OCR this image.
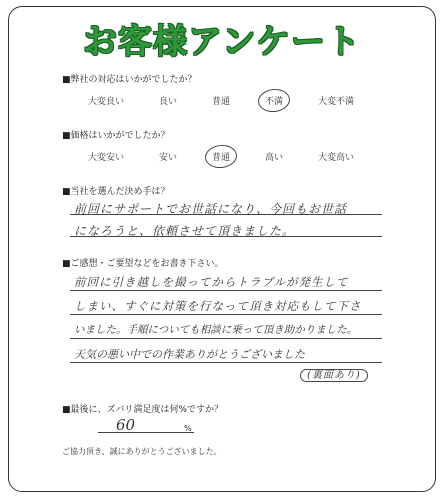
お客様アンケート
■弊社の対応はいかがでしたか？
大変良い	良い	普通	不満	大変不満
■価格はいかがでしたか？
大変安い	安い	普通	高い	大変高い
■当社を選んだ決め手は？
前回にサポートでお世話になり、今回もお世話
になろうと、依頼させて頂きました。
■ご感想・ご要望などをお書き下さい。
前回に引き越しを撮ってからトラブルが発生して
しまい、すぐに対策を行なって頂き対応もして下さ
いました。手順についても相談に乗って頂き助かりました。
天気の悪い中での作業ありがとうございました
(裏面あり)
■最後に、ズバリ満足度は何%ですか？
60	%
ご協力頂き、誠にありがとうございました。
